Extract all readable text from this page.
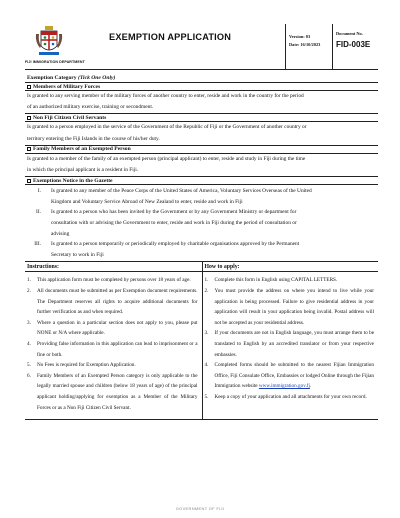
FIJI IMMIGRATION DEPARTMENT
EXEMPTION APPLICATION	Version: 03
Date: 16/10/2023
Document No.
FID-003E
Exemption Category (Tick One Only)
Members of Military Forces
Is granted to any serving member of the military forces of another country to enter, reside and work in the country for the period
of an authorized military exercise, training or secondment.
Non Fiji Citizen Civil Servants
Is granted to a person employed in the service of the Government of the Republic of Fiji or the Government of another country or
territory entering the Fiji Islands in the course of his/her duty.
Family Members of an Exempted Person
Is granted to a member of the family of an exempted person (principal applicant) to enter, reside and study in Fiji during the time
in which the principal applicant is a resident in Fiji.
Exemptions Notice in the Gazette
I.	Is granted to any member of the Peace Corps of the United States of America, Voluntary Services Overseas of the United
Kingdom and Voluntary Service Abroad of New Zealand to enter, reside and work in Fiji
II.	Is granted to a person who has been invited by the Government or by any Government Ministry or department for
consultation with or advising the Government to enter, reside and work in Fiji during the period of consultation or
advising
III.	Is granted to a person temporarily or periodically employed by charitable organisations approved by the Permanent
Secretary to work in Fiji
Instructions:
1.	This application form must be completed by persons over 18 years of age.
2.	All documents must be submitted as per Exemption document requirements. The Department reserves all rights to acquire additional documents for further verification as and when required.
3.	Where a question in a particular section does not apply to you, please put NONE or N/A where applicable.
4.	Providing false information in this application can lead to imprisonment or a fine or both.
5.	No Fees is required for Exemption Application.
6.	Family Members of an Exempted Person category is only applicable to the legally married spouse and children (below 18 years of age) of the principal applicant holding/applying for exemption as a Member of the Military Forces or as a Non Fiji Citizen Civil Servant.
How to apply:
1.	Complete this form in English using CAPITAL LETTERS.
2.	You must provide the address on where you intend to live while your application is being processed. Failure to give residential address in your application will result in your application being invalid. Postal address will not be accepted as your residential address.
3.	If your documents are not in English language, you must arrange them to be translated to English by an accredited translator or from your respective embassies.
4.	Completed forms should be submitted to the nearest Fijian Immigration Office, Fiji Consulate Office, Embassies or lodged Online through the Fijian Immigration website www.immigration.gov.fj.
5.	Keep a copy of your application and all attachments for your own record.
GOVERNMENT OF FIJI
